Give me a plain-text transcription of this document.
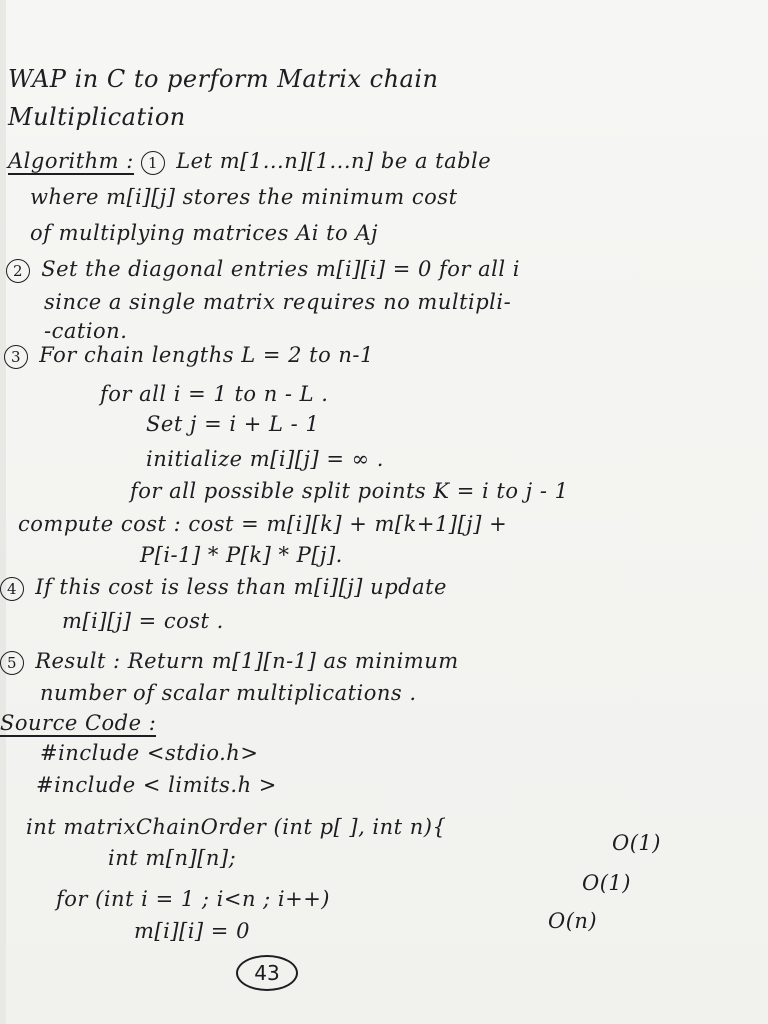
WAP in C to perform Matrix chain
Multiplication
Algorithm : 1 Let m[1...n][1...n] be a table
where m[i][j] stores the minimum cost
of multiplying matrices Ai to Aj
2 Set the diagonal entries m[i][i] = 0 for all i
since a single matrix requires no multipli-
-cation.
3 For chain lengths L = 2 to n-1
for all i = 1 to n - L .
Set j = i + L - 1
initialize m[i][j] = ∞ .
for all possible split points K = i to j - 1
compute cost : cost = m[i][k] + m[k+1][j] +
P[i-1] * P[k] * P[j].
4 If this cost is less than m[i][j] update
m[i][j] = cost .
5 Result : Return m[1][n-1] as minimum
number of scalar multiplications .
Source Code :
#include <stdio.h>
#include < limits.h >
int matrixChainOrder (int p[ ], int n){
int m[n][n];
for (int i = 1 ; i<n ; i++)
m[i][i] = 0
O(1)
O(1)
O(n)
43
